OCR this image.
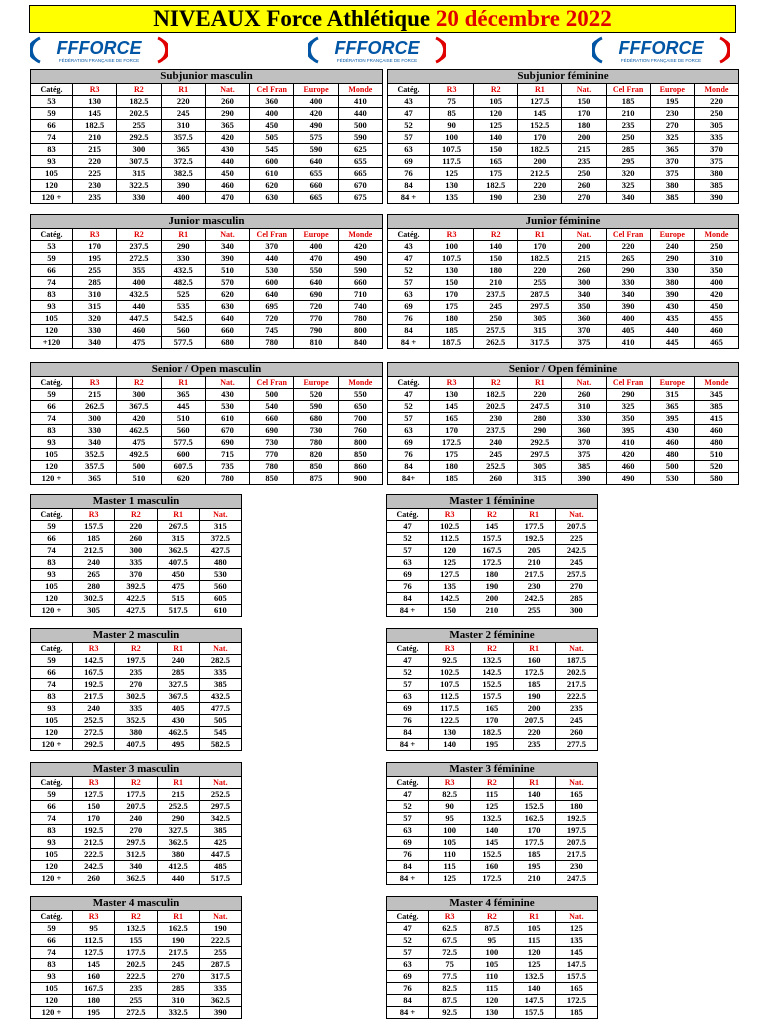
NIVEAUX Force Athlétique 20 décembre 2022
FFFORCE
FÉDÉRATION FRANÇAISE DE FORCE
FFFORCE
FÉDÉRATION FRANÇAISE DE FORCE
FFFORCE
FÉDÉRATION FRANÇAISE DE FORCE
Subjunior masculin							
Catég.	R3	R2	R1	Nat.	Cel Fran	Europe	Monde
53	130	182.5	220	260	360	400	410
59	145	202.5	245	290	400	420	440
66	182.5	255	310	365	450	490	500
74	210	292.5	357.5	420	505	575	590
83	215	300	365	430	545	590	625
93	220	307.5	372.5	440	600	640	655
105	225	315	382.5	450	610	655	665
120	230	322.5	390	460	620	660	670
120 +	235	330	400	470	630	665	675
Subjunior féminine							
Catég.	R3	R2	R1	Nat.	Cel Fran	Europe	Monde
43	75	105	127.5	150	185	195	220
47	85	120	145	170	210	230	250
52	90	125	152.5	180	235	270	305
57	100	140	170	200	250	325	335
63	107.5	150	182.5	215	285	365	370
69	117.5	165	200	235	295	370	375
76	125	175	212.5	250	320	375	380
84	130	182.5	220	260	325	380	385
84 +	135	190	230	270	340	385	390
Junior masculin							
Catég.	R3	R2	R1	Nat.	Cel Fran	Europe	Monde
53	170	237.5	290	340	370	400	420
59	195	272.5	330	390	440	470	490
66	255	355	432.5	510	530	550	590
74	285	400	482.5	570	600	640	660
83	310	432.5	525	620	640	690	710
93	315	440	535	630	695	720	740
105	320	447.5	542.5	640	720	770	780
120	330	460	560	660	745	790	800
+120	340	475	577.5	680	780	810	840
Junior féminine							
Catég.	R3	R2	R1	Nat.	Cel Fran	Europe	Monde
43	100	140	170	200	220	240	250
47	107.5	150	182.5	215	265	290	310
52	130	180	220	260	290	330	350
57	150	210	255	300	330	380	400
63	170	237.5	287.5	340	340	390	420
69	175	245	297.5	350	390	430	450
76	180	250	305	360	400	435	455
84	185	257.5	315	370	405	440	460
84 +	187.5	262.5	317.5	375	410	445	465
Senior / Open masculin							
Catég.	R3	R2	R1	Nat.	Cel Fran	Europe	Monde
59	215	300	365	430	500	520	550
66	262.5	367.5	445	530	540	590	650
74	300	420	510	610	660	680	700
83	330	462.5	560	670	690	730	760
93	340	475	577.5	690	730	780	800
105	352.5	492.5	600	715	770	820	850
120	357.5	500	607.5	735	780	850	860
120 +	365	510	620	780	850	875	900
Senior / Open féminine							
Catég.	R3	R2	R1	Nat.	Cel Fran	Europe	Monde
47	130	182.5	220	260	290	315	345
52	145	202.5	247.5	310	325	365	385
57	165	230	280	330	350	395	415
63	170	237.5	290	360	395	430	460
69	172.5	240	292.5	370	410	460	480
76	175	245	297.5	375	420	480	510
84	180	252.5	305	385	460	500	520
84+	185	260	315	390	490	530	580
Master 1 masculin				
Catég.	R3	R2	R1	Nat.
59	157.5	220	267.5	315
66	185	260	315	372.5
74	212.5	300	362.5	427.5
83	240	335	407.5	480
93	265	370	450	530
105	280	392.5	475	560
120	302.5	422.5	515	605
120 +	305	427.5	517.5	610
Master 1 féminine				
Catég.	R3	R2	R1	Nat.
47	102.5	145	177.5	207.5
52	112.5	157.5	192.5	225
57	120	167.5	205	242.5
63	125	172.5	210	245
69	127.5	180	217.5	257.5
76	135	190	230	270
84	142.5	200	242.5	285
84 +	150	210	255	300
Master 2 masculin				
Catég.	R3	R2	R1	Nat.
59	142.5	197.5	240	282.5
66	167.5	235	285	335
74	192.5	270	327.5	385
83	217.5	302.5	367.5	432.5
93	240	335	405	477.5
105	252.5	352.5	430	505
120	272.5	380	462.5	545
120 +	292.5	407.5	495	582.5
Master 2 féminine				
Catég.	R3	R2	R1	Nat.
47	92.5	132.5	160	187.5
52	102.5	142.5	172.5	202.5
57	107.5	152.5	185	217.5
63	112.5	157.5	190	222.5
69	117.5	165	200	235
76	122.5	170	207.5	245
84	130	182.5	220	260
84 +	140	195	235	277.5
Master 3 masculin				
Catég.	R3	R2	R1	Nat.
59	127.5	177.5	215	252.5
66	150	207.5	252.5	297.5
74	170	240	290	342.5
83	192.5	270	327.5	385
93	212.5	297.5	362.5	425
105	222.5	312.5	380	447.5
120	242.5	340	412.5	485
120 +	260	362.5	440	517.5
Master 3 féminine				
Catég.	R3	R2	R1	Nat.
47	82.5	115	140	165
52	90	125	152.5	180
57	95	132.5	162.5	192.5
63	100	140	170	197.5
69	105	145	177.5	207.5
76	110	152.5	185	217.5
84	115	160	195	230
84 +	125	172.5	210	247.5
Master 4 masculin				
Catég.	R3	R2	R1	Nat.
59	95	132.5	162.5	190
66	112.5	155	190	222.5
74	127.5	177.5	217.5	255
83	145	202.5	245	287.5
93	160	222.5	270	317.5
105	167.5	235	285	335
120	180	255	310	362.5
120 +	195	272.5	332.5	390
Master 4 féminine				
Catég.	R3	R2	R1	Nat.
47	62.5	87.5	105	125
52	67.5	95	115	135
57	72.5	100	120	145
63	75	105	125	147.5
69	77.5	110	132.5	157.5
76	82.5	115	140	165
84	87.5	120	147.5	172.5
84 +	92.5	130	157.5	185
